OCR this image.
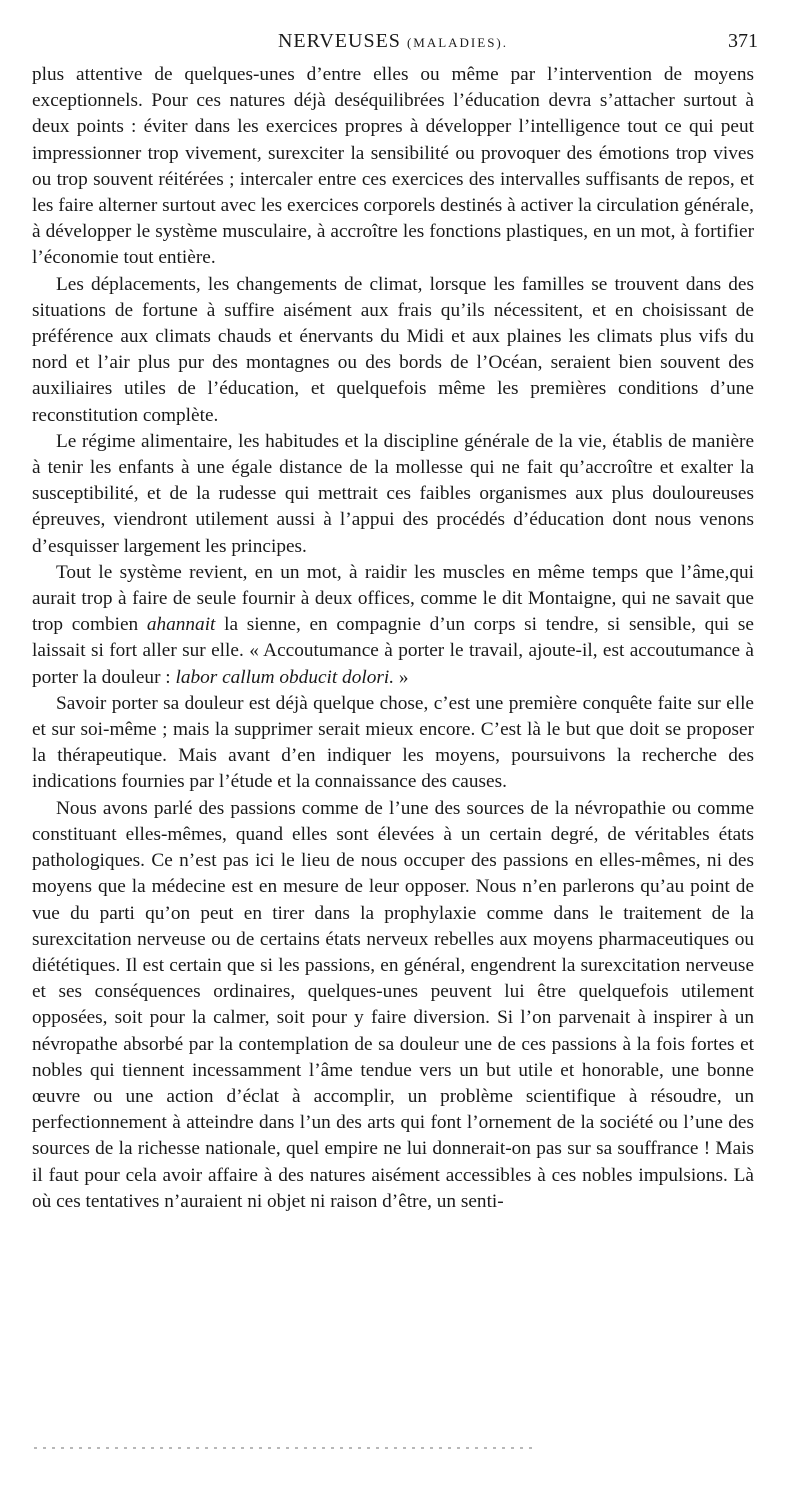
NERVEUSES (MALADIES).	371

plus attentive de quelques-unes d’entre elles ou même par l’intervention de moyens exceptionnels. Pour ces natures déjà deséquilibrées l’éducation devra s’attacher surtout à deux points : éviter dans les exercices propres à développer l’intelligence tout ce qui peut impressionner trop vivement, surexciter la sensibilité ou provoquer des émotions trop vives ou trop souvent réitérées ; intercaler entre ces exercices des intervalles suffisants de repos, et les faire alterner surtout avec les exercices corporels destinés à activer la circulation générale, à développer le système musculaire, à accroître les fonctions plastiques, en un mot, à fortifier l’économie tout entière.

Les déplacements, les changements de climat, lorsque les familles se trouvent dans des situations de fortune à suffire aisément aux frais qu’ils nécessitent, et en choisissant de préférence aux climats chauds et énervants du Midi et aux plaines les climats plus vifs du nord et l’air plus pur des montagnes ou des bords de l’Océan, seraient bien souvent des auxiliaires utiles de l’éducation, et quelquefois même les premières conditions d’une reconstitution complète.

Le régime alimentaire, les habitudes et la discipline générale de la vie, établis de manière à tenir les enfants à une égale distance de la mollesse qui ne fait qu’accroître et exalter la susceptibilité, et de la rudesse qui mettrait ces faibles organismes aux plus douloureuses épreuves, viendront utilement aussi à l’appui des procédés d’éducation dont nous venons d’esquisser largement les principes.

Tout le système revient, en un mot, à raidir les muscles en même temps que l’âme,qui aurait trop à faire de seule fournir à deux offices, comme le dit Montaigne, qui ne savait que trop combien ahannait la sienne, en compagnie d’un corps si tendre, si sensible, qui se laissait si fort aller sur elle. « Accoutumance à porter le travail, ajoute-il, est accoutumance à porter la douleur : labor callum obducit dolori. »

Savoir porter sa douleur est déjà quelque chose, c’est une première conquête faite sur elle et sur soi-même ; mais la supprimer serait mieux encore. C’est là le but que doit se proposer la thérapeutique. Mais avant d’en indiquer les moyens, poursuivons la recherche des indications fournies par l’étude et la connaissance des causes.

Nous avons parlé des passions comme de l’une des sources de la névropathie ou comme constituant elles-mêmes, quand elles sont élevées à un certain degré, de véritables états pathologiques. Ce n’est pas ici le lieu de nous occuper des passions en elles-mêmes, ni des moyens que la médecine est en mesure de leur opposer. Nous n’en parlerons qu’au point de vue du parti qu’on peut en tirer dans la prophylaxie comme dans le traitement de la surexcitation nerveuse ou de certains états nerveux rebelles aux moyens pharmaceutiques ou diététiques. Il est certain que si les passions, en général, engendrent la surexcitation nerveuse et ses conséquences ordinaires, quelques-unes peuvent lui être quelquefois utilement opposées, soit pour la calmer, soit pour y faire diversion. Si l’on parvenait à inspirer à un névropathe absorbé par la contemplation de sa douleur une de ces passions à la fois fortes et nobles qui tiennent incessamment l’âme tendue vers un but utile et honorable, une bonne œuvre ou une action d’éclat à accomplir, un problème scientifique à résoudre, un perfectionnement à atteindre dans l’un des arts qui font l’ornement de la société ou l’une des sources de la richesse nationale, quel empire ne lui donnerait-on pas sur sa souffrance ! Mais il faut pour cela avoir affaire à des natures aisément accessibles à ces nobles impulsions. Là où ces tentatives n’auraient ni objet ni raison d’être, un senti-
